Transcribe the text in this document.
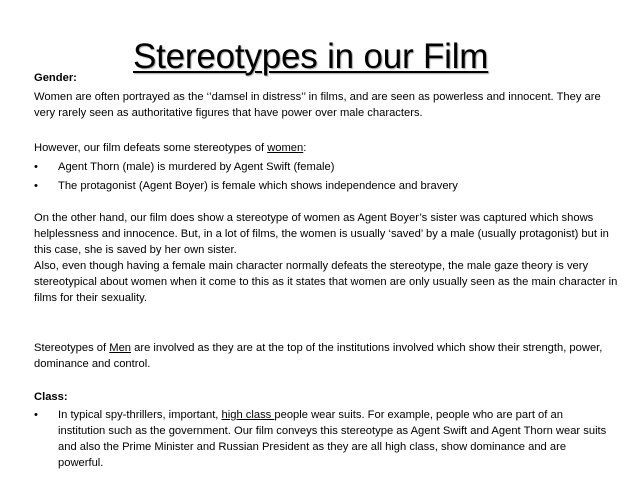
Stereotypes in our Film
Gender:
Women are often portrayed as the ‘’damsel in distress’’ in films, and are seen as powerless and innocent. They are very rarely seen as authoritative figures that have power over male characters.
However, our film defeats some stereotypes of women:
• Agent Thorn (male) is murdered by Agent Swift (female)
• The protagonist (Agent Boyer) is female which shows independence and bravery
On the other hand, our film does show a stereotype of women as Agent Boyer’s sister was captured which shows helplessness and innocence. But, in a lot of films, the women is usually ‘saved’ by a male (usually protagonist) but in this case, she is saved by her own sister.
Also, even though having a female main character normally defeats the stereotype, the male gaze theory is very stereotypical about women when it come to this as it states that women are only usually seen as the main character in films for their sexuality.
Stereotypes of Men are involved as they are at the top of the institutions involved which show their strength, power, dominance and control.
Class:
• In typical spy-thrillers, important, high class people wear suits. For example, people who are part of an institution such as the government. Our film conveys this stereotype as Agent Swift and Agent Thorn wear suits and also the Prime Minister and Russian President as they are all high class, show dominance and are powerful.
